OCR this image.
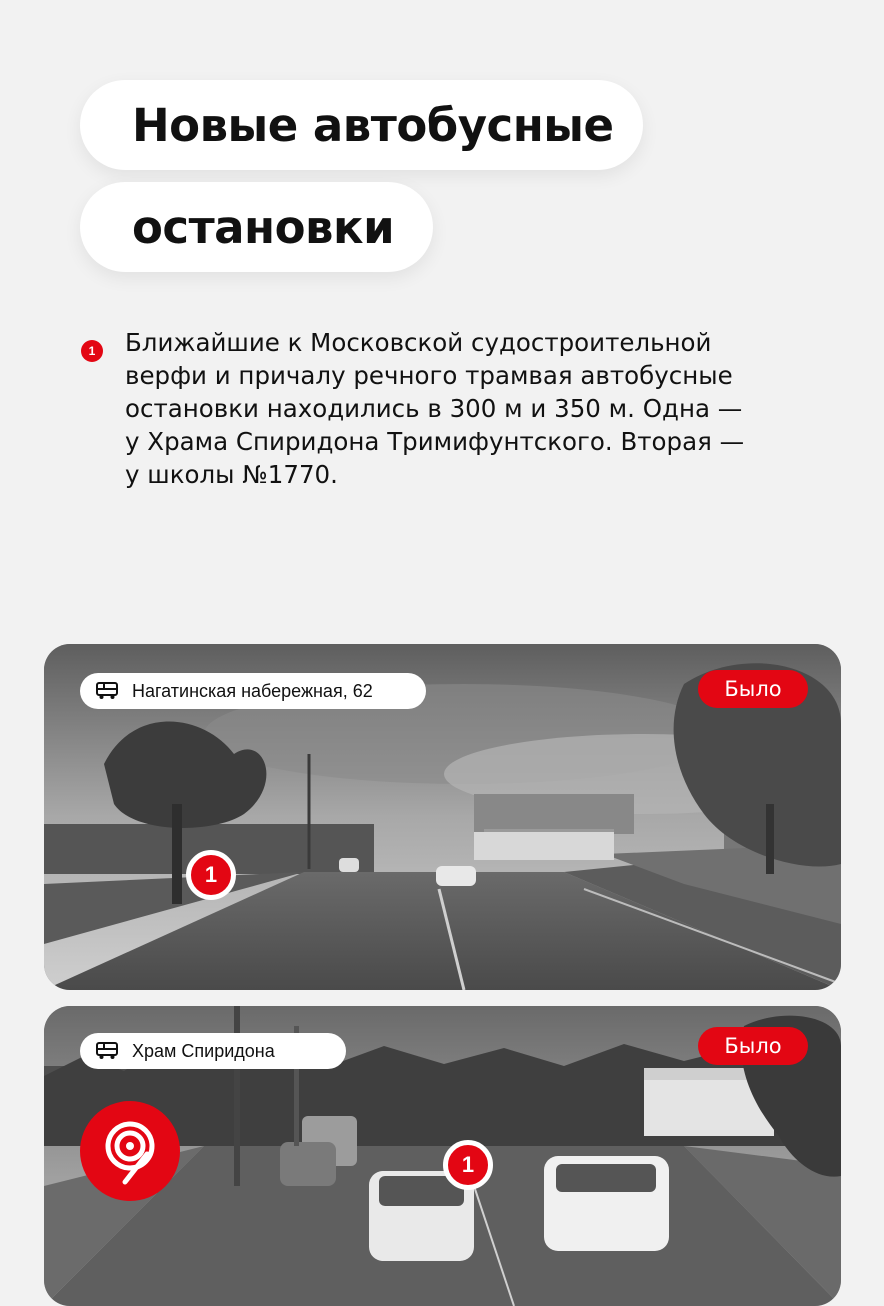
Новые автобусные
остановки
1	Ближайшие к Московской судостроительной
верфи и причалу речного трамвая автобусные
остановки находились в 300 м и 350 м. Одна —
у Храма Спиридона Тримифунтского. Вторая —
у школы №1770.

Нагатинская набережная, 62	Было
1
Храм Спиридона	Было
1
